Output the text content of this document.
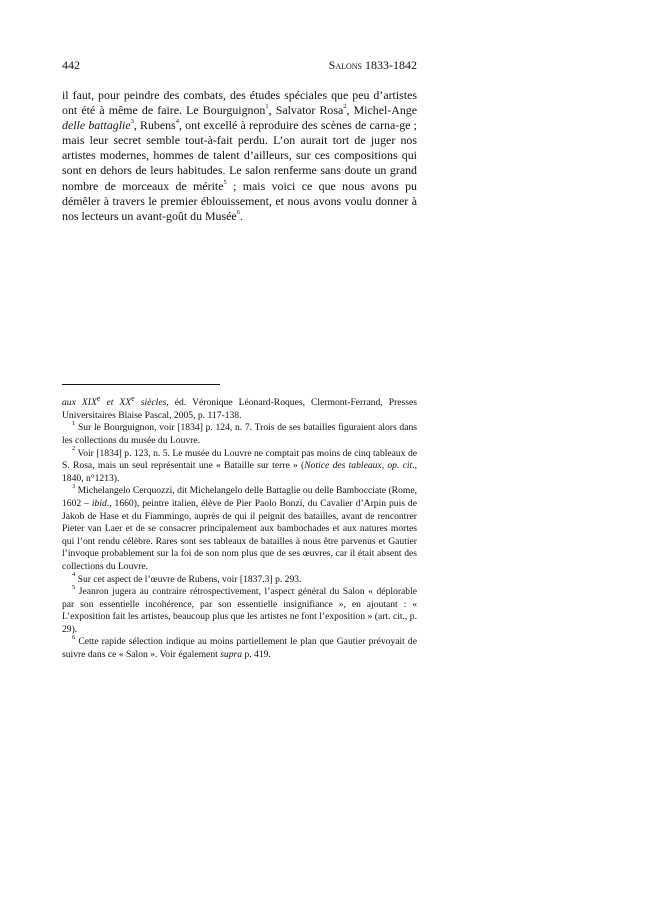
442	Salons 1833-1842

il faut, pour peindre des combats, des études spéciales que peu d’artistes ont été à même de faire. Le Bourguignon$^1$, Salvator Rosa$^2$, Michel-Ange delle battaglie$^3$, Rubens$^4$, ont excellé à reproduire des scènes de carna-ge ; mais leur secret semble tout-à-fait perdu. L’on aurait tort de juger nos artistes modernes, hommes de talent d’ailleurs, sur ces compositions qui sont en dehors de leurs habitudes. Le salon renferme sans doute un grand nombre de morceaux de mérite$^5$ ; mais voici ce que nous avons pu démêler à travers le premier éblouissement, et nous avons voulu donner à nos lecteurs un avant-goût du Musée$^6$.

aux XIXe et XXe siècles, éd. Véronique Léonard-Roques, Clermont-Ferrand, Presses Universitaires Blaise Pascal, 2005, p. 117-138.

$^1$ Sur le Bourguignon, voir [1834] p. 124, n. 7. Trois de ses batailles figuraient alors dans les collections du musée du Louvre.

$^2$ Voir [1834] p. 123, n. 5. Le musée du Louvre ne comptait pas moins de cinq tableaux de S. Rosa, mais un seul représentait une « Bataille sur terre » (Notice des tableaux, op. cit., 1840, n°1213).

$^3$ Michelangelo Cerquozzi, dit Michelangelo delle Battaglie ou delle Bambocciate (Rome, 1602 – ibid., 1660), peintre italien, élève de Pier Paolo Bonzi, du Cavalier d’Arpin puis de Jakob de Hase et du Fiammingo, auprès de qui il peignit des batailles, avant de rencontrer Pieter van Laer et de se consacrer principalement aux bambochades et aux natures mortes qui l’ont rendu célèbre. Rares sont ses tableaux de batailles à nous être parvenus et Gautier l’invoque probablement sur la foi de son nom plus que de ses œuvres, car il était absent des collections du Louvre.

$^4$ Sur cet aspect de l’œuvre de Rubens, voir [1837.3] p. 293.

$^5$ Jeanron jugera au contraire rétrospectivement, l’aspect général du Salon « déplorable par son essentielle incohérence, par son essentielle insignifiance », en ajoutant : « L’exposition fait les artistes, beaucoup plus que les artistes ne font l’exposition » (art. cit., p. 29).

$^6$ Cette rapide sélection indique au moins partiellement le plan que Gautier prévoyait de suivre dans ce « Salon ». Voir également supra p. 419.
